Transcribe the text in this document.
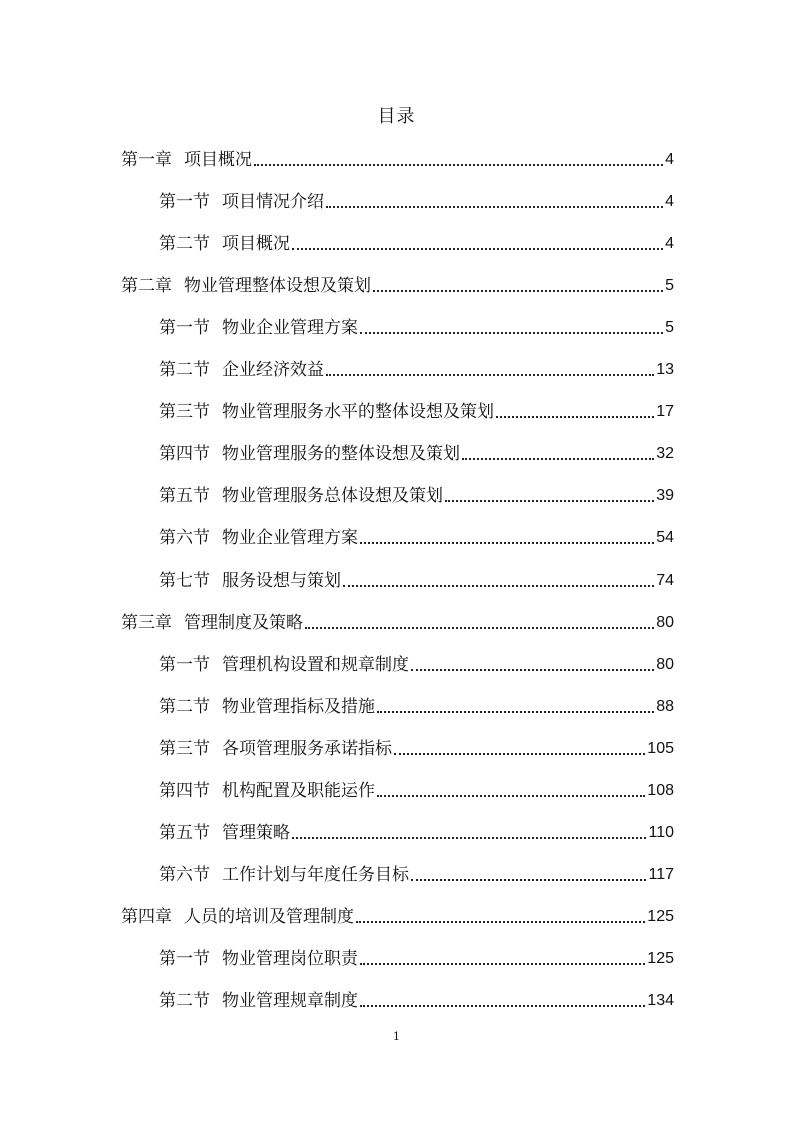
目录
第一章 项目概况	4
第一节 项目情况介绍	4
第二节 项目概况	4
第二章 物业管理整体设想及策划	5
第一节 物业企业管理方案	5
第二节 企业经济效益	13
第三节 物业管理服务水平的整体设想及策划	17
第四节 物业管理服务的整体设想及策划	32
第五节 物业管理服务总体设想及策划	39
第六节 物业企业管理方案	54
第七节 服务设想与策划	74
第三章 管理制度及策略	80
第一节 管理机构设置和规章制度	80
第二节 物业管理指标及措施	88
第三节 各项管理服务承诺指标	105
第四节 机构配置及职能运作	108
第五节 管理策略	110
第六节 工作计划与年度任务目标	117
第四章 人员的培训及管理制度	125
第一节 物业管理岗位职责	125
第二节 物业管理规章制度	134
1
